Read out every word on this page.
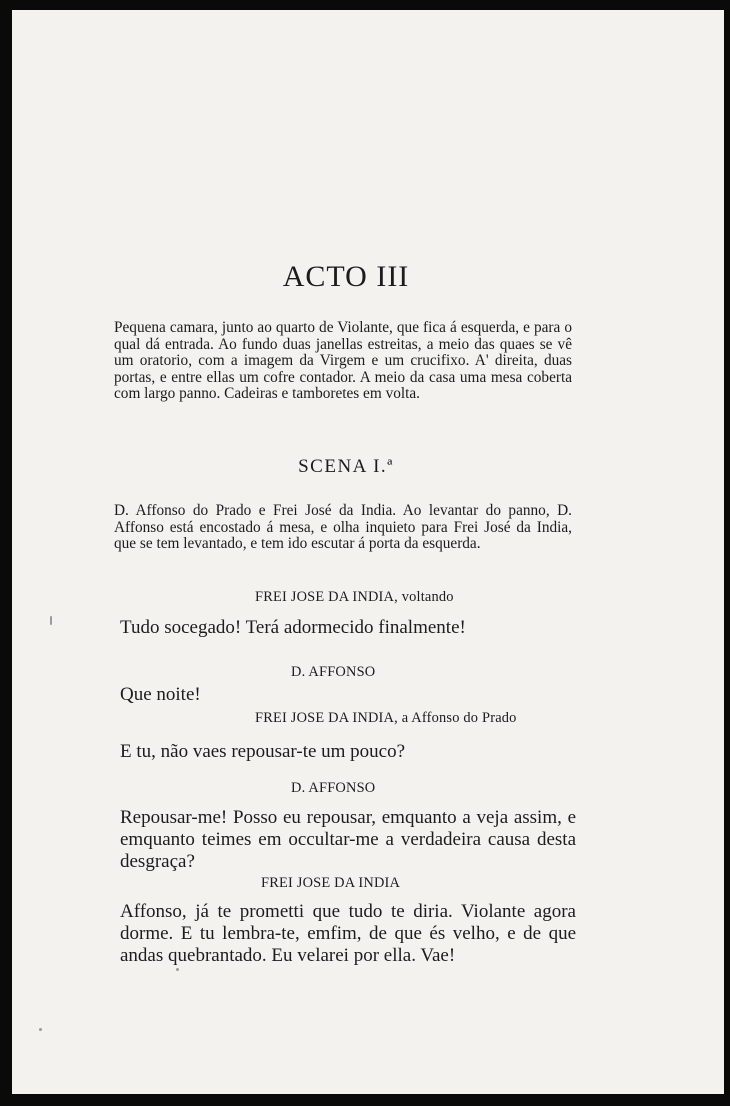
ACTO III

Pequena camara, junto ao quarto de Violante, que fica á esquerda, e para o qual dá entrada. Ao fundo duas janellas estreitas, a meio das quaes se vê um oratorio, com a imagem da Virgem e um crucifixo. A' direita, duas portas, e entre ellas um cofre contador. A meio da casa uma mesa coberta com largo panno. Cadeiras e tamboretes em volta.

SCENA I.ª

D. Affonso do Prado e Frei José da India. Ao levantar do panno, D. Affonso está encostado á mesa, e olha inquieto para Frei José da India, que se tem levantado, e tem ido escutar á porta da esquerda.

FREI JOSE DA INDIA, voltando

Tudo socegado! Terá adormecido finalmente!

D. AFFONSO

Que noite!

FREI JOSE DA INDIA, a Affonso do Prado

E tu, não vaes repousar-te um pouco?

D. AFFONSO

Repousar-me! Posso eu repousar, emquanto a veja assim, e emquanto teimes em occultar-me a verdadeira causa desta desgraça?

FREI JOSE DA INDIA

Affonso, já te prometti que tudo te diria. Violante agora dorme. E tu lembra-te, emfim, de que és velho, e de que andas quebrantado. Eu velarei por ella. Vae!
